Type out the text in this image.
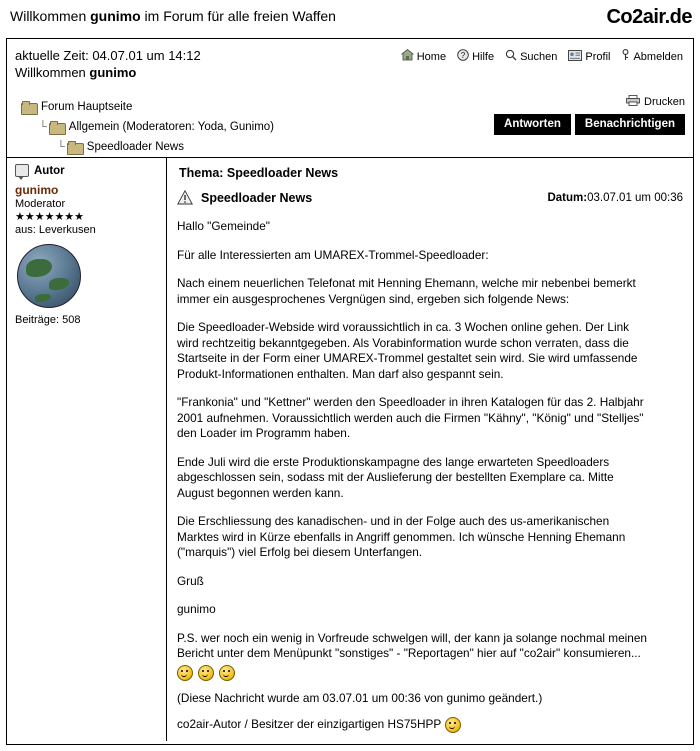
Willkommen gunimo im Forum für alle freien Waffen	Co2air.de
aktuelle Zeit: 04.07.01 um 14:12
Willkommen gunimo
Home ? Hilfe Suchen	Profil Abmelden
Forum Hauptseite
└ Allgemein (Moderatoren: Yoda, Gunimo)
└ Speedloader News
Drucken
Antworten	Benachrichtigen
Autor
gunimo
Moderator
★★★★★★★
aus: Leverkusen
Beiträge: 508
Thema: Speedloader News
Speedloader News	Datum:03.07.01 um 00:36

Hallo "Gemeinde"

Für alle Interessierten am UMAREX-Trommel-Speedloader:

Nach einem neuerlichen Telefonat mit Henning Ehemann, welche mir nebenbei bemerkt immer ein ausgesprochenes Vergnügen sind, ergeben sich folgende News:

Die Speedloader-Webside wird voraussichtlich in ca. 3 Wochen online gehen. Der Link wird rechtzeitig bekanntgegeben. Als Vorabinformation wurde schon verraten, dass die Startseite in der Form einer UMAREX-Trommel gestaltet sein wird. Sie wird umfassende Produkt-Informationen enthalten. Man darf also gespannt sein.

"Frankonia" und "Kettner" werden den Speedloader in ihren Katalogen für das 2. Halbjahr 2001 aufnehmen. Voraussichtlich werden auch die Firmen "Kähny", "König" und "Stelljes" den Loader im Programm haben.

Ende Juli wird die erste Produktionskampagne des lange erwarteten Speedloaders abgeschlossen sein, sodass mit der Auslieferung der bestellten Exemplare ca. Mitte August begonnen werden kann.

Die Erschliessung des kanadischen- und in der Folge auch des us-amerikanischen Marktes wird in Kürze ebenfalls in Angriff genommen. Ich wünsche Henning Ehemann ("marquis") viel Erfolg bei diesem Unterfangen.

Gruß

gunimo

P.S. wer noch ein wenig in Vorfreude schwelgen will, der kann ja solange nochmal meinen Bericht unter dem Menüpunkt "sonstiges" - "Reportagen" hier auf "co2air" konsumieren...

(Diese Nachricht wurde am 03.07.01 um 00:36 von gunimo geändert.)
co2air-Autor / Besitzer der einzigartigen HS75HPP
